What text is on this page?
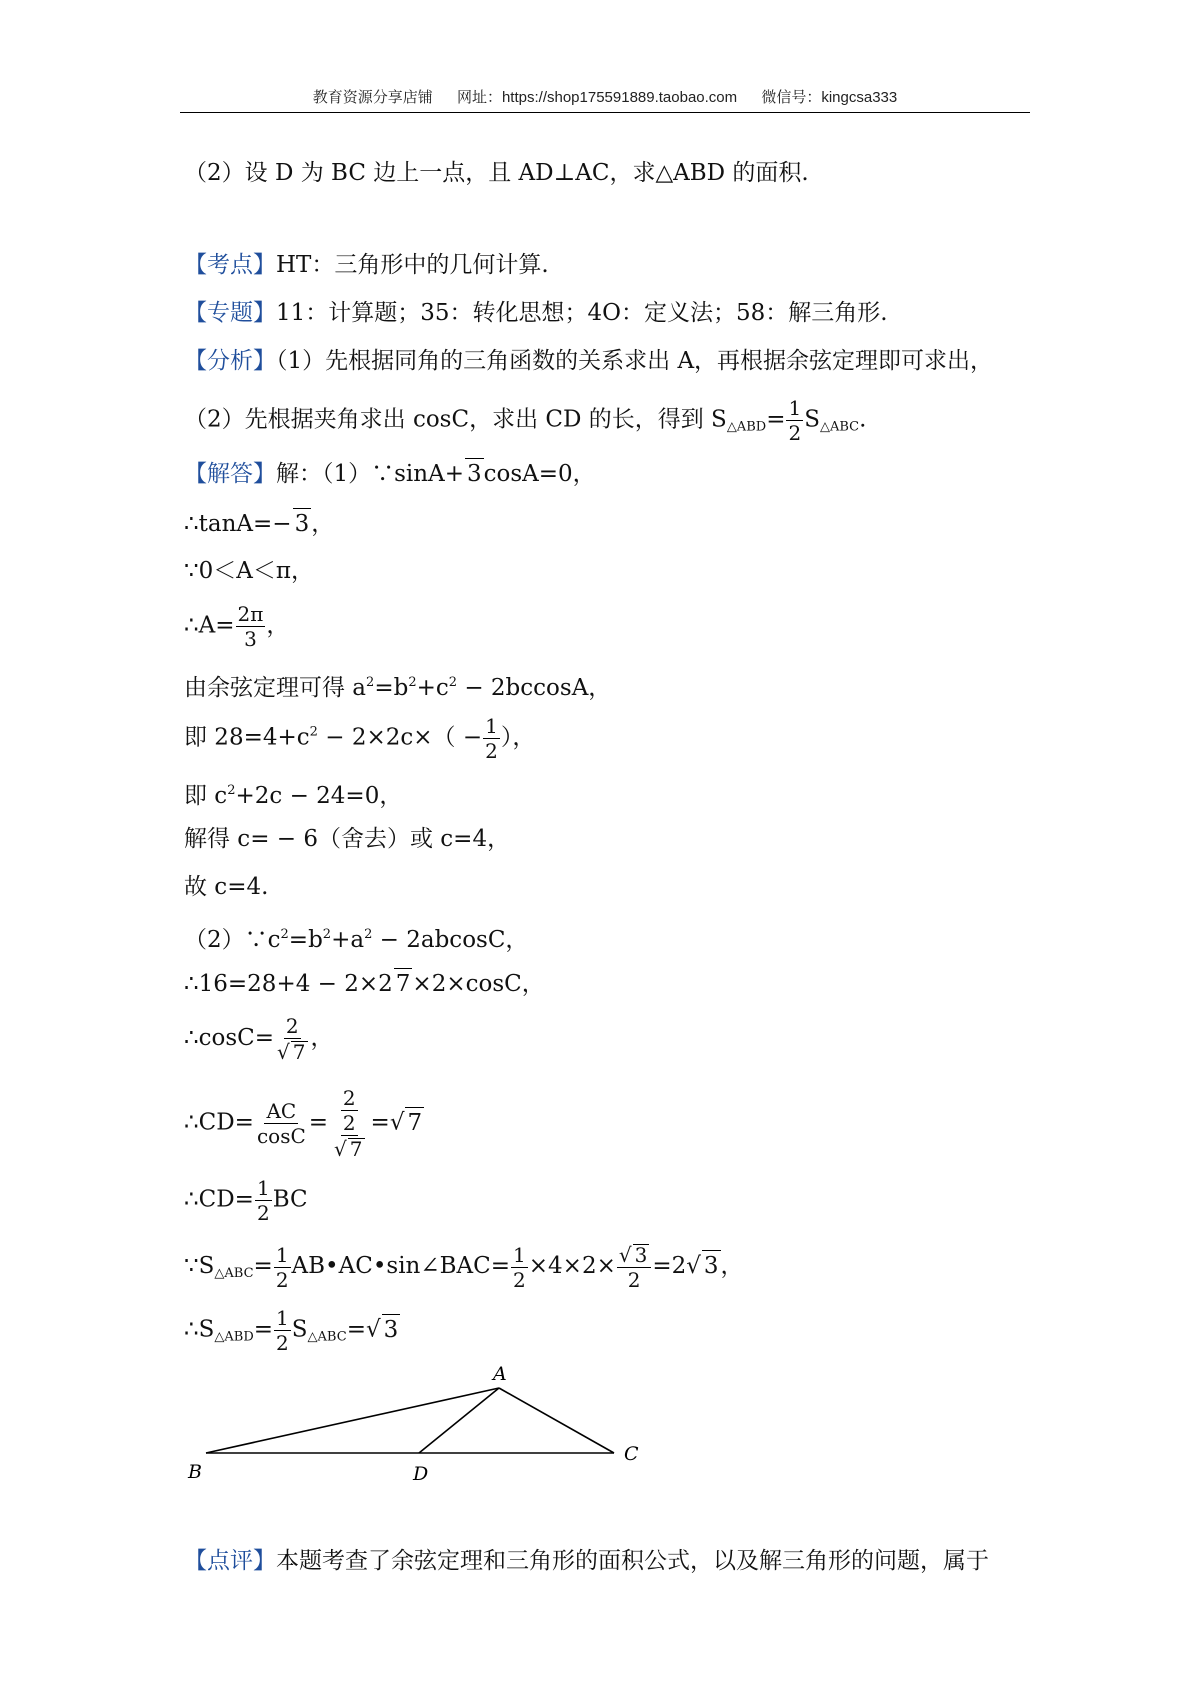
教育资源分享店铺 网址：https://shop175591889.taobao.com 微信号：kingcsa333
（2）设 D 为 BC 边上一点，且 AD⊥AC，求△ABD 的面积.
【考点】HT：三角形中的几何计算.
【专题】11：计算题；35：转化思想；4O：定义法；58：解三角形.
【分析】（1）先根据同角的三角函数的关系求出 A，再根据余弦定理即可求出，
（2）先根据夹角求出 cosC，求出 CD 的长，得到 $S_{\triangle ABD}= \frac{1}{2} S_{\triangle ABC}$.
【解答】解：（1）∵sinA+ 3cosA=0，
∴tanA=− 3，
∵0＜A＜π，
∴A= $\frac{2\pi}{3}$ ，
由余弦定理可得 $a^2=b^2+c^2 - 2bccosA$，
即 $28=4+c^2 - 2\times 2c\times( - \frac{1}{2}$ ），
即 $c^2+2c - 24=0$，
解得 c= − 6（舍去）或 c=4，
故 c=4.
$(2)\because c^2=b^2+a^2 - 2abcosC$，
∴16=28+4 − 2×2 7×2×cosC，
∴cosC= $\frac{2}{√ 7}$ ，
∴CD= $\frac{AC}{\cos C} = \frac{2}{\frac{2}{√ 7}}$ =√ 7
∴CD= $\frac{1}{2}$ BC
$\because S_{\triangle ABC}= \frac{1}{2}$ AB•AC•sin∠BAC= $\frac{1}{2} \times 4\times 2\times \frac{√ 3}{2} =2√$ 3，
$\therefore S_{\triangle ABD}= \frac{1}{2} S_{\triangle ABC}=√$ 3
A
B
C
D
【点评】本题考查了余弦定理和三角形的面积公式，以及解三角形的问题，属于
